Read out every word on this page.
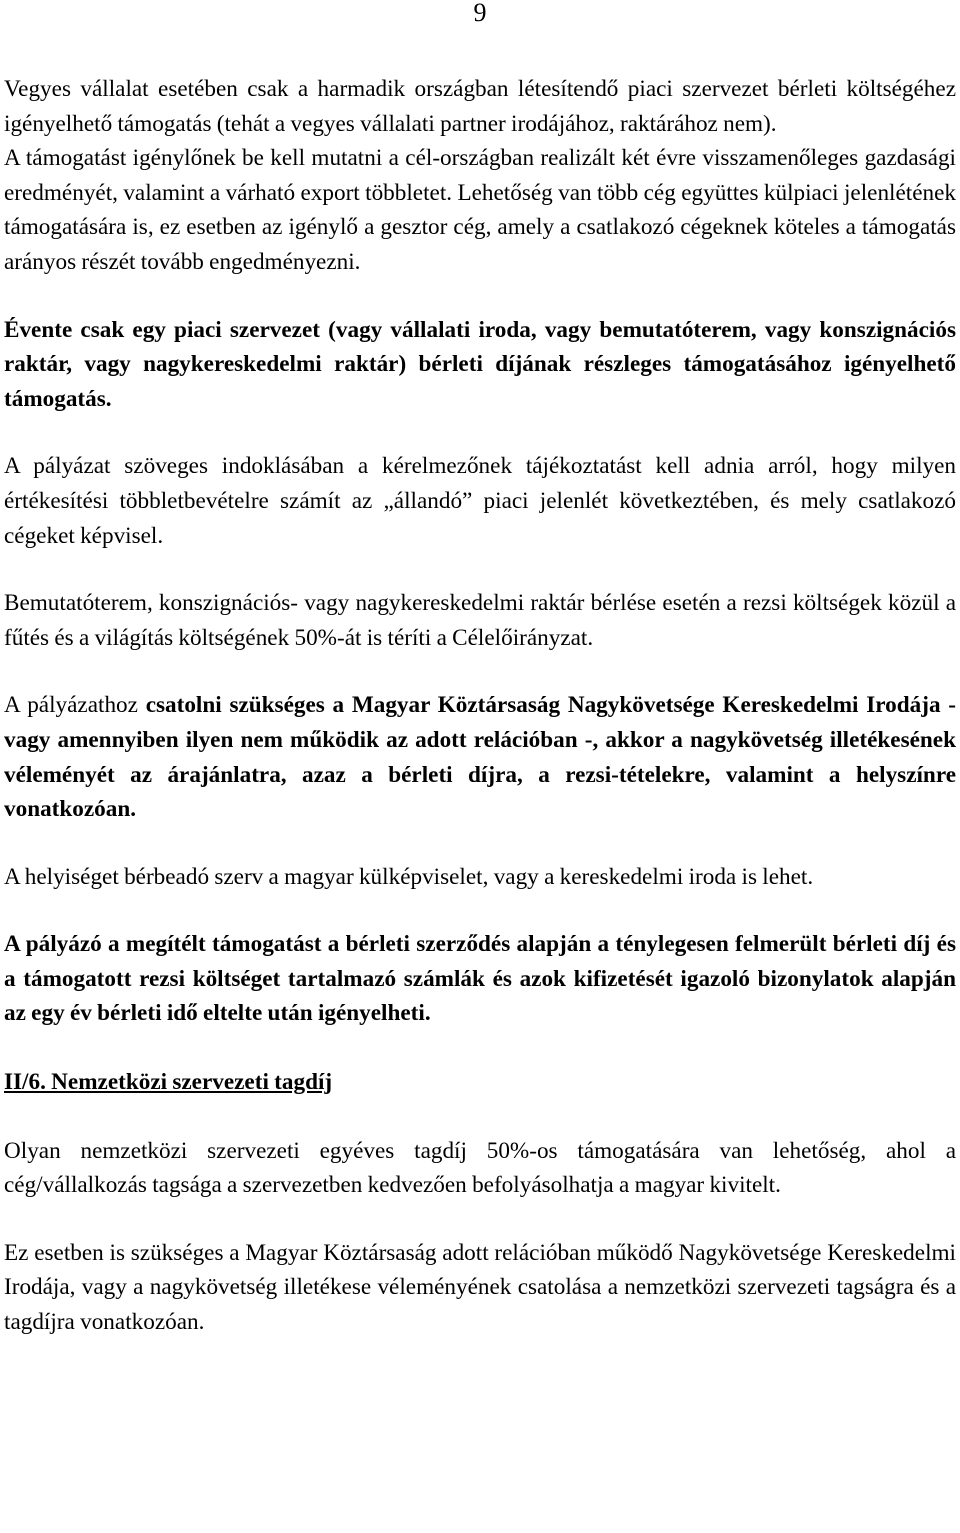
9

Vegyes vállalat esetében csak a harmadik országban létesítendő piaci szervezet bérleti költségéhez igényelhető támogatás (tehát a vegyes vállalati partner irodájához, raktárához nem).

A támogatást igénylőnek be kell mutatni a cél-országban realizált két évre visszamenőleges gazdasági eredményét, valamint a várható export többletet. Lehetőség van több cég együttes külpiaci jelenlétének támogatására is, ez esetben az igénylő a gesztor cég, amely a csatlakozó cégeknek köteles a támogatás arányos részét tovább engedményezni.

Évente csak egy piaci szervezet (vagy vállalati iroda, vagy bemutatóterem, vagy konszignációs raktár, vagy nagykereskedelmi raktár) bérleti díjának részleges támogatásához igényelhető támogatás.

A pályázat szöveges indoklásában a kérelmezőnek tájékoztatást kell adnia arról, hogy milyen értékesítési többletbevételre számít az „állandó” piaci jelenlét következtében, és mely csatlakozó cégeket képvisel.

Bemutatóterem, konszignációs- vagy nagykereskedelmi raktár bérlése esetén a rezsi költségek közül a fűtés és a világítás költségének 50%-át is téríti a Célelőirányzat.

A pályázathoz csatolni szükséges a Magyar Köztársaság Nagykövetsége Kereskedelmi Irodája - vagy amennyiben ilyen nem működik az adott relációban -, akkor a nagykövetség illetékesének véleményét az árajánlatra, azaz a bérleti díjra, a rezsi-tételekre, valamint a helyszínre vonatkozóan.

A helyiséget bérbeadó szerv a magyar külképviselet, vagy a kereskedelmi iroda is lehet.

A pályázó a megítélt támogatást a bérleti szerződés alapján a ténylegesen felmerült bérleti díj és a támogatott rezsi költséget tartalmazó számlák és azok kifizetését igazoló bizonylatok alapján az egy év bérleti idő eltelte után igényelheti.

II/6. Nemzetközi szervezeti tagdíj

Olyan nemzetközi szervezeti egyéves tagdíj 50%-os támogatására van lehetőség, ahol a cég/vállalkozás tagsága a szervezetben kedvezően befolyásolhatja a magyar kivitelt.

Ez esetben is szükséges a Magyar Köztársaság adott relációban működő Nagykövetsége Kereskedelmi Irodája, vagy a nagykövetség illetékese véleményének csatolása a nemzetközi szervezeti tagságra és a tagdíjra vonatkozóan.
